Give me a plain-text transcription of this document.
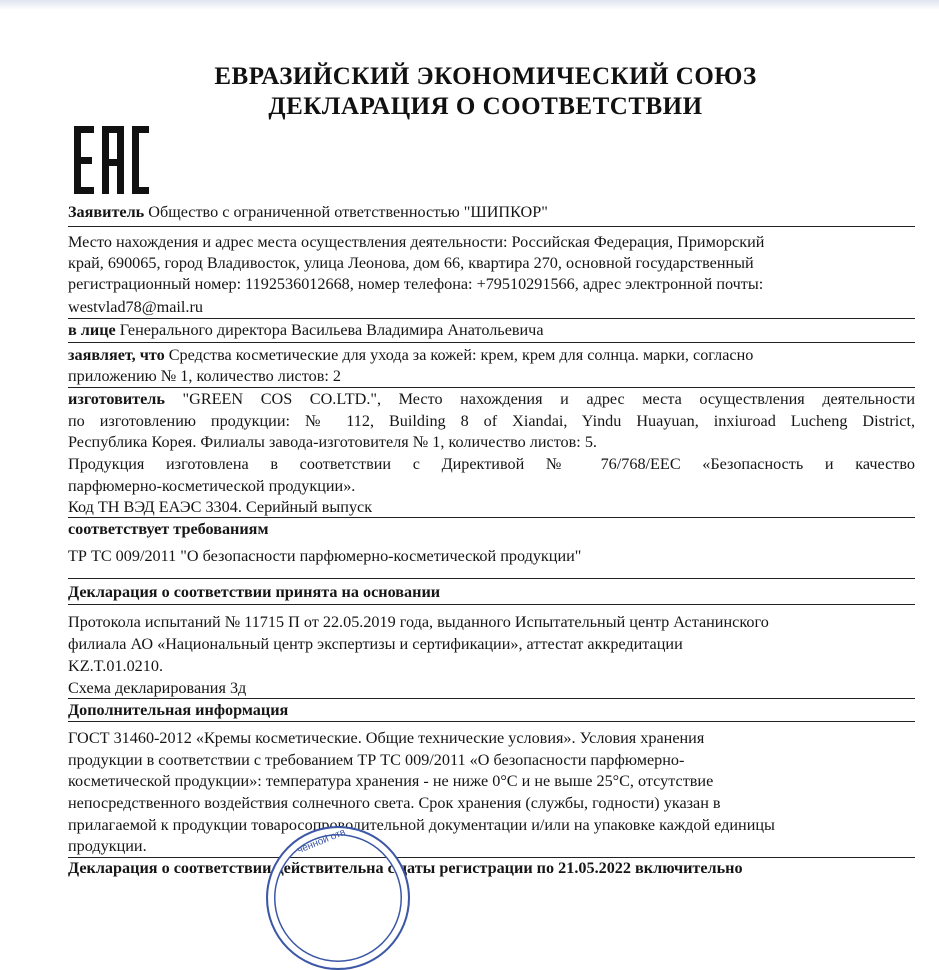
ЕВРАЗИЙСКИЙ ЭКОНОМИЧЕСКИЙ СОЮЗ
ДЕКЛАРАЦИЯ О СООТВЕТСТВИИ
Заявитель Общество с ограниченной ответственностью "ШИПКОР"
Место нахождения и адрес места осуществления деятельности: Российская Федерация, Приморский
край, 690065, город Владивосток, улица Леонова, дом 66, квартира 270, основной государственный
регистрационный номер: 1192536012668, номер телефона: +79510291566, адрес электронной почты:
westvlad78@mail.ru
в лице Генерального директора Васильева Владимира Анатольевича
заявляет, что Средства косметические для ухода за кожей: крем, крем для солнца. марки, согласно
приложению № 1, количество листов: 2
изготовитель "GREEN COS CO.LTD.", Место нахождения и адрес места осуществления деятельности
по изготовлению продукции: № 112, Building 8 of Xiandai, Yindu Huayuan, inxiuroad Lucheng District,
Республика Корея. Филиалы завода-изготовителя № 1, количество листов: 5.
Продукция изготовлена в соответствии с Директивой № 76/768/ЕЕС «Безопасность и качество
парфюмерно-косметической продукции».
Код ТН ВЭД ЕАЭС 3304. Серийный выпуск
соответствует требованиям
ТР ТС 009/2011 "О безопасности парфюмерно-косметической продукции"
Декларация о соответствии принята на основании
Протокола испытаний № 11715 П от 22.05.2019 года, выданного Испытательный центр Астанинского
филиала АО «Национальный центр экспертизы и сертификации», аттестат аккредитации
KZ.T.01.0210.
Схема декларирования 3д
Дополнительная информация
ГОСТ 31460-2012 «Кремы косметические. Общие технические условия». Условия хранения
продукции в соответствии с требованием ТР ТС 009/2011 «О безопасности парфюмерно-
косметической продукции»: температура хранения - не ниже 0°С и не выше 25°С, отсутствие
непосредственного воздействия солнечного света. Срок хранения (службы, годности) указан в
прилагаемой к продукции товаросопроводительной документации и/или на упаковке каждой единицы
продукции.
Декларация о соответствии действительна с даты регистрации по 21.05.2022 включительно
ченной отв
